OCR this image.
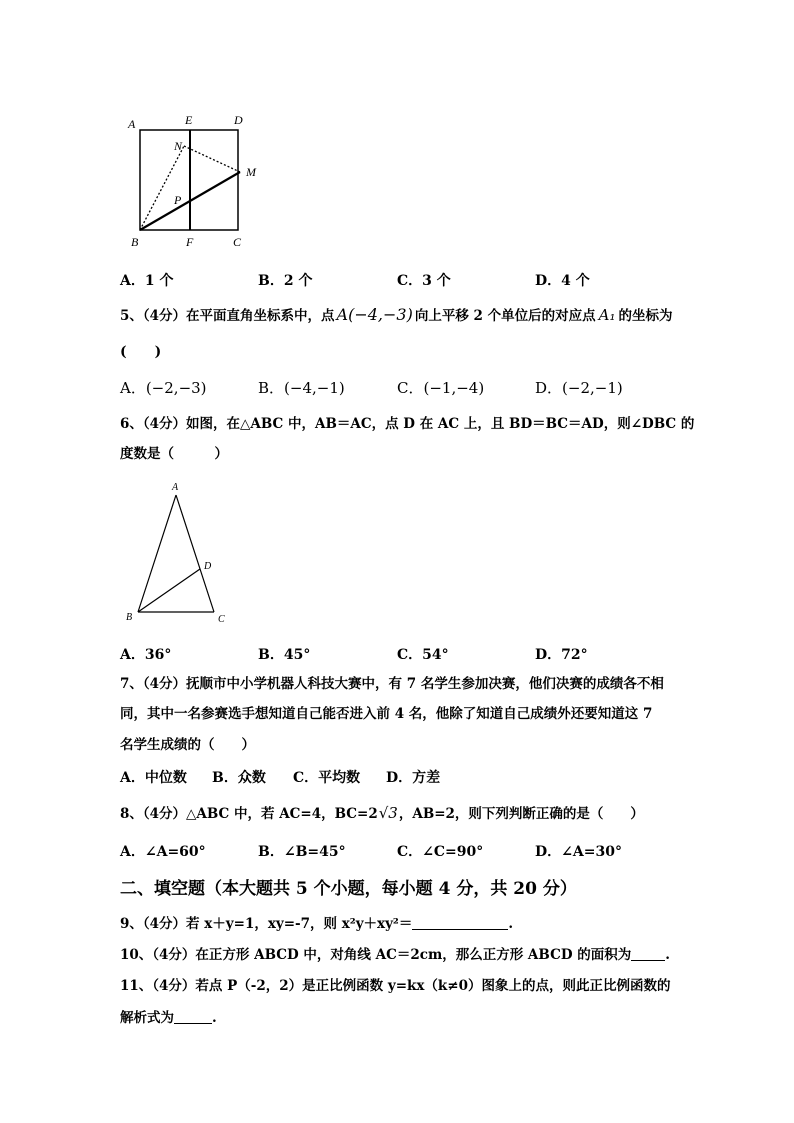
A	E	D
N
M
P
B	F	C
A．1 个	B．2 个	C．3 个	D．4 个
5、（4分）在平面直角坐标系中，点 A(−4,−3) 向上平移 2 个单位后的对应点 A₁ 的坐标为
(　　)
A．(−2,−3)	B．(−4,−1)	C．(−1,−4)	D．(−2,−1)
6、（4分）如图，在△ABC 中，AB＝AC，点 D 在 AC 上，且 BD＝BC＝AD，则∠DBC 的
度数是（　　　）
A
D
B	C
A．36°	B．45°	C．54°	D．72°
7、（4分）抚顺市中小学机器人科技大赛中，有 7 名学生参加决赛，他们决赛的成绩各不相
同，其中一名参赛选手想知道自己能否进入前 4 名，他除了知道自己成绩外还要知道这 7
名学生成绩的（　　）
A．中位数 B．众数 C．平均数 D．方差
8、（4分）△ABC 中，若 AC=4，BC=2√3，AB=2，则下列判断正确的是（　　）
A．∠A=60°	B．∠B=45°	C．∠C=90°	D．∠A=30°
二、填空题（本大题共 5 个小题，每小题 4 分，共 20 分）
9、（4分）若 x＋y=1，xy=-7，则 x²y＋xy²＝	.
10、（4分）在正方形 ABCD 中，对角线 AC＝2cm，那么正方形 ABCD 的面积为	.
11、（4分）若点 P（-2，2）是正比例函数 y=kx（k≠0）图象上的点，则此正比例函数的
解析式为	.
